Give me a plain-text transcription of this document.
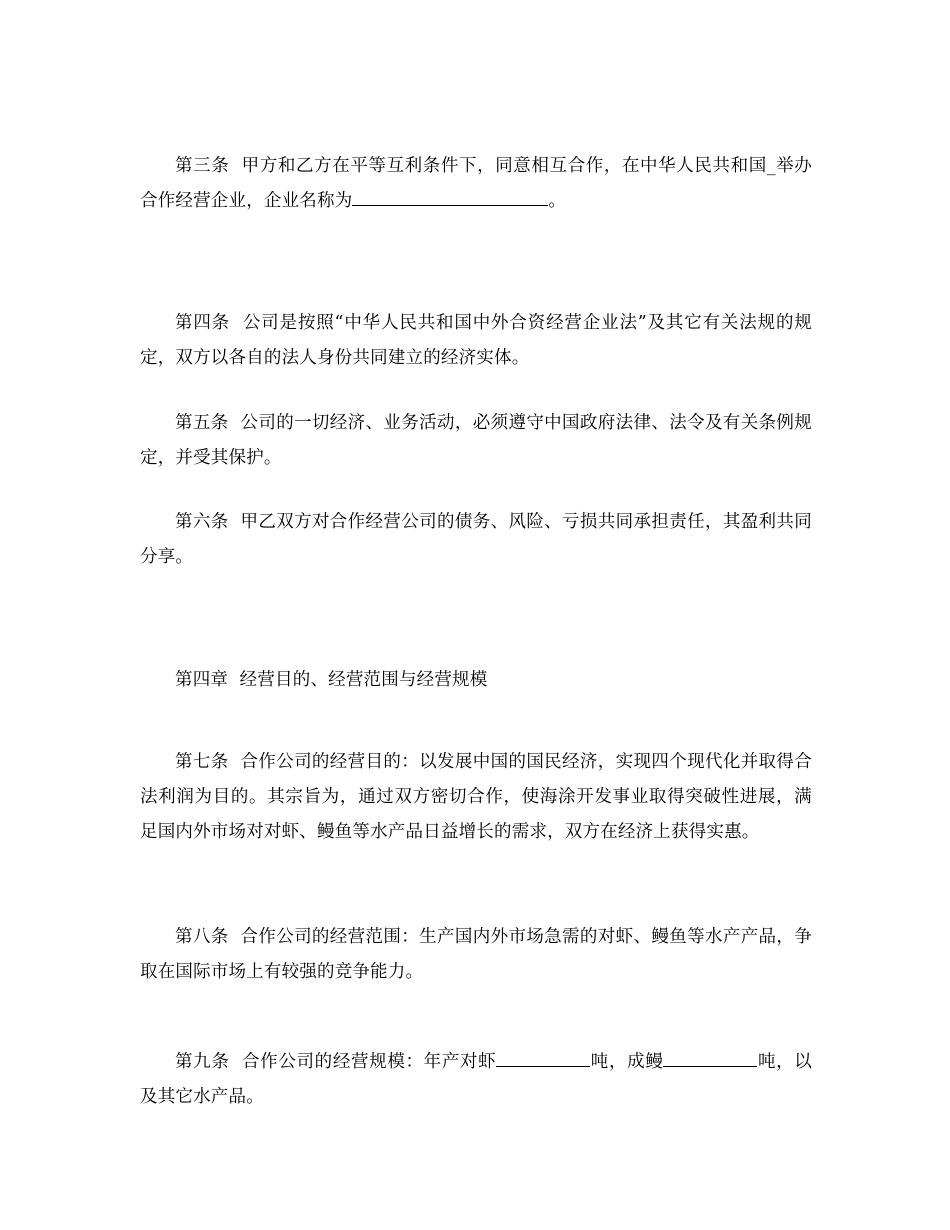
第三条 甲方和乙方在平等互利条件下，同意相互合作，在中华人民共和国_举办合作经营企业，企业名称为	。
第四条 公司是按照“中华人民共和国中外合资经营企业法”及其它有关法规的规定，双方以各自的法人身份共同建立的经济实体。
第五条 公司的一切经济、业务活动，必须遵守中国政府法律、法令及有关条例规定，并受其保护。
第六条 甲乙双方对合作经营公司的债务、风险、亏损共同承担责任，其盈利共同分享。
第四章 经营目的、经营范围与经营规模
第七条 合作公司的经营目的：以发展中国的国民经济，实现四个现代化并取得合法利润为目的。其宗旨为，通过双方密切合作，使海涂开发事业取得突破性进展，满足国内外市场对对虾、鳗鱼等水产品日益增长的需求，双方在经济上获得实惠。
第八条 合作公司的经营范围：生产国内外市场急需的对虾、鳗鱼等水产产品，争取在国际市场上有较强的竞争能力。
第九条 合作公司的经营规模：年产对虾	吨，成鳗	吨，以及其它水产品。
